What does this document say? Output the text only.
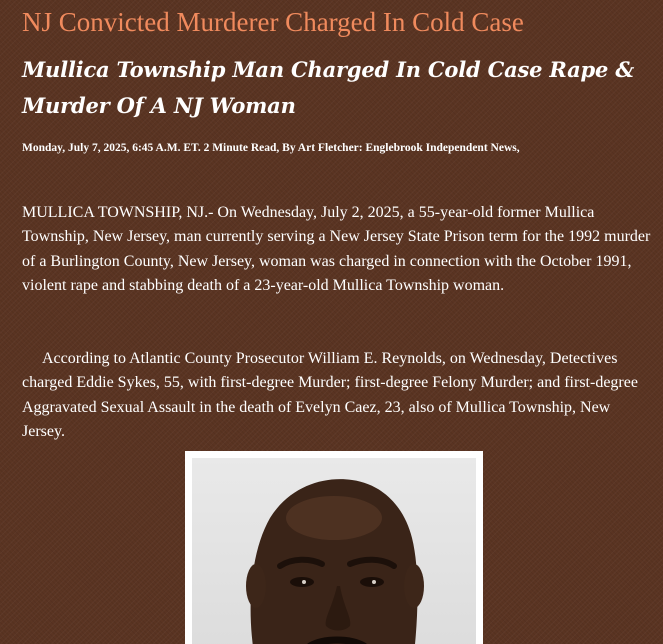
NJ Convicted Murderer Charged In Cold Case
Mullica Township Man Charged In Cold Case Rape & Murder Of A NJ Woman

Monday, July 7, 2025, 6:45 A.M. ET. 2 Minute Read, By Art Fletcher: Englebrook Independent News,

MULLICA TOWNSHIP, NJ.- On Wednesday, July 2, 2025, a 55-year-old former Mullica Township, New Jersey, man currently serving a New Jersey State Prison term for the 1992 murder of a Burlington County, New Jersey, woman was charged in connection with the October 1991, violent rape and stabbing death of a 23-year-old Mullica Township woman.

According to Atlantic County Prosecutor William E. Reynolds, on Wednesday, Detectives charged Eddie Sykes, 55, with first-degree Murder; first-degree Felony Murder; and first-degree Aggravated Sexual Assault in the death of Evelyn Caez, 23, also of Mullica Township, New Jersey.
